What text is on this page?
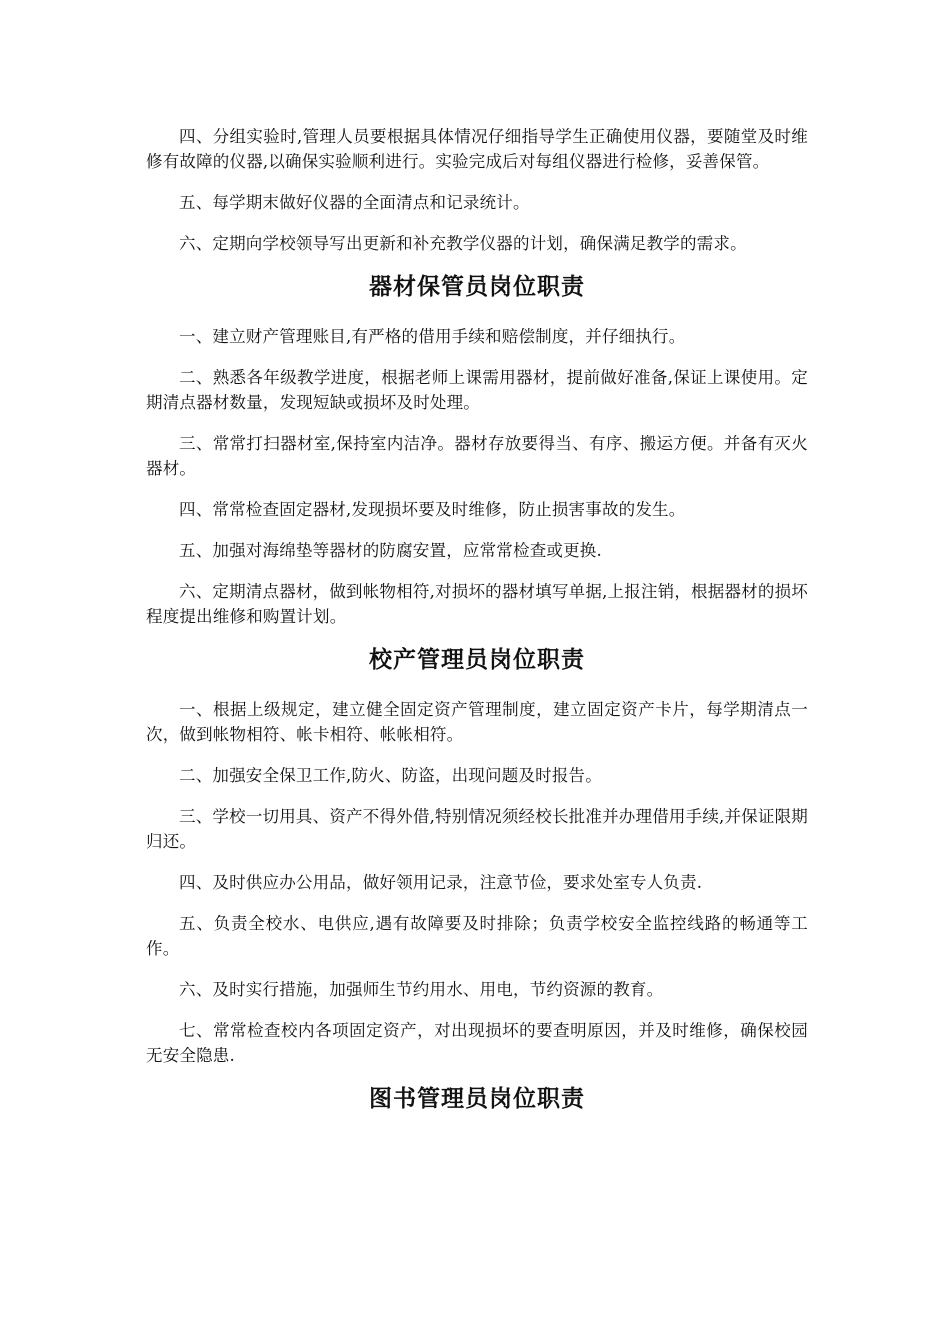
四、分组实验时,管理人员要根据具体情况仔细指导学生正确使用仪器，要随堂及时维修有故障的仪器,以确保实验顺利进行。实验完成后对每组仪器进行检修，妥善保管。

五、每学期末做好仪器的全面清点和记录统计。

六、定期向学校领导写出更新和补充教学仪器的计划，确保满足教学的需求。

器材保管员岗位职责

一、建立财产管理账目,有严格的借用手续和赔偿制度，并仔细执行。

二、熟悉各年级教学进度，根据老师上课需用器材，提前做好准备,保证上课使用。定期清点器材数量，发现短缺或损坏及时处理。

三、常常打扫器材室,保持室内洁净。器材存放要得当、有序、搬运方便。并备有灭火器材。

四、常常检查固定器材,发现损坏要及时维修，防止损害事故的发生。

五、加强对海绵垫等器材的防腐安置，应常常检查或更换.

六、定期清点器材，做到帐物相符,对损坏的器材填写单据,上报注销，根据器材的损坏程度提出维修和购置计划。

校产管理员岗位职责

一、根据上级规定，建立健全固定资产管理制度，建立固定资产卡片，每学期清点一次，做到帐物相符、帐卡相符、帐帐相符。

二、加强安全保卫工作,防火、防盗，出现问题及时报告。

三、学校一切用具、资产不得外借,特别情况须经校长批准并办理借用手续,并保证限期归还。

四、及时供应办公用品，做好领用记录，注意节俭，要求处室专人负责.

五、负责全校水、电供应,遇有故障要及时排除；负责学校安全监控线路的畅通等工作。

六、及时实行措施，加强师生节约用水、用电，节约资源的教育。

七、常常检查校内各项固定资产，对出现损坏的要查明原因，并及时维修，确保校园无安全隐患.

图书管理员岗位职责
